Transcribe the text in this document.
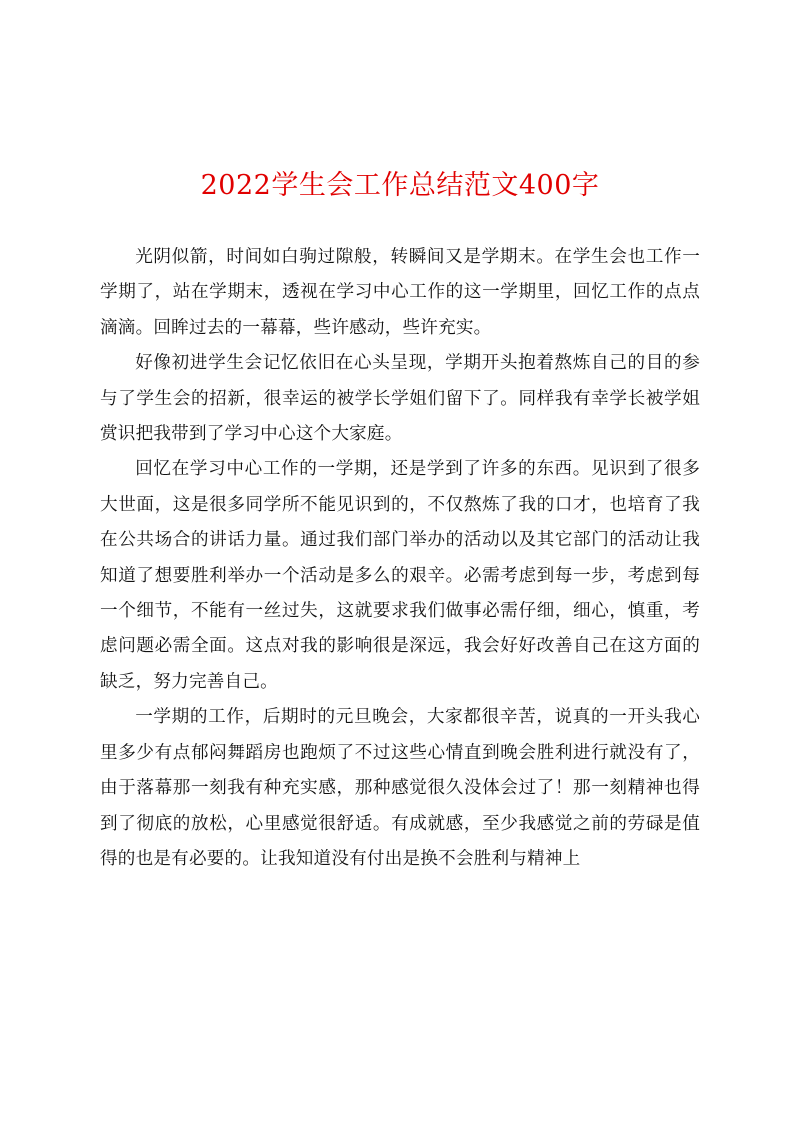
2022学生会工作总结范文400字

光阴似箭，时间如白驹过隙般，转瞬间又是学期末。在学生会也工作一学期了，站在学期末，透视在学习中心工作的这一学期里，回忆工作的点点滴滴。回眸过去的一幕幕，些许感动，些许充实。

好像初进学生会记忆依旧在心头呈现，学期开头抱着熬炼自己的目的参与了学生会的招新，很幸运的被学长学姐们留下了。同样我有幸学长被学姐赏识把我带到了学习中心这个大家庭。

回忆在学习中心工作的一学期，还是学到了许多的东西。见识到了很多大世面，这是很多同学所不能见识到的，不仅熬炼了我的口才，也培育了我在公共场合的讲话力量。通过我们部门举办的活动以及其它部门的活动让我知道了想要胜利举办一个活动是多么的艰辛。必需考虑到每一步，考虑到每一个细节，不能有一丝过失，这就要求我们做事必需仔细，细心，慎重，考虑问题必需全面。这点对我的影响很是深远，我会好好改善自己在这方面的缺乏，努力完善自己。

一学期的工作，后期时的元旦晚会，大家都很辛苦，说真的一开头我心里多少有点郁闷舞蹈房也跑烦了不过这些心情直到晚会胜利进行就没有了，由于落幕那一刻我有种充实感，那种感觉很久没体会过了！那一刻精神也得到了彻底的放松，心里感觉很舒适。有成就感，至少我感觉之前的劳碌是值得的也是有必要的。让我知道没有付出是换不会胜利与精神上
